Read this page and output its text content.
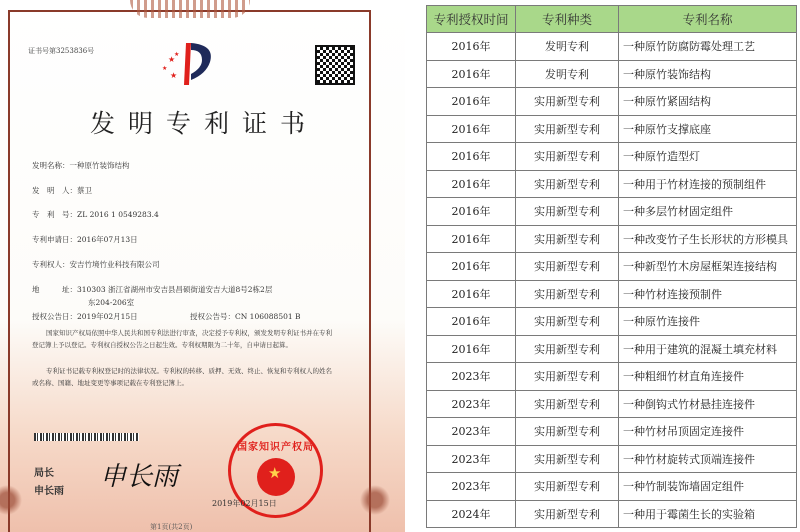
证书号第3253836号
★
★
★
★
发明专利证书
发明名称：一种原竹装饰结构
发　明　人：蔡卫
专　利　号：ZL 2016 1 0549283.4
专利申请日：2016年07月13日
专利权人：安吉竹境竹业科技有限公司
地　　　址：310303 浙江省湖州市安吉县昌硕街道安吉大道8号2栋2层
东204-206室
授权公告日：2019年02月15日	授权公告号：CN 106088501 B
国家知识产权局依照中华人民共和国专利法进行审查，决定授予专利权，颁发发明专利证书并在专利登记簿上予以登记。专利权自授权公告之日起生效。专利权期限为二十年，自申请日起算。
专利证书记载专利权登记时的法律状况。专利权的转移、质押、无效、终止、恢复和专利权人的姓名或名称、国籍、地址变更等事项记载在专利登记簿上。
局长
申长雨 申长雨
★
国家知识产权局
2019年02月15日
第1页(共2页)
专利授权时间	专利种类	专利名称
2016年	发明专利	一种原竹防腐防霉处理工艺
2016年	发明专利	一种原竹装饰结构
2016年	实用新型专利	一种原竹紧固结构
2016年	实用新型专利	一种原竹支撑底座
2016年	实用新型专利	一种原竹造型灯
2016年	实用新型专利	一种用于竹材连接的预制组件
2016年	实用新型专利	一种多层竹材固定组件
2016年	实用新型专利	一种改变竹子生长形状的方形模具
2016年	实用新型专利	一种新型竹木房屋框架连接结构
2016年	实用新型专利	一种竹材连接预制件
2016年	实用新型专利	一种原竹连接件
2016年	实用新型专利	一种用于建筑的混凝土填充材料
2023年	实用新型专利	一种粗细竹材直角连接件
2023年	实用新型专利	一种倒钩式竹材悬挂连接件
2023年	实用新型专利	一种竹材吊顶固定连接件
2023年	实用新型专利	一种竹材旋转式顶端连接件
2023年	实用新型专利	一种竹制装饰墙固定组件
2024年	实用新型专利	一种用于霉菌生长的实验箱
